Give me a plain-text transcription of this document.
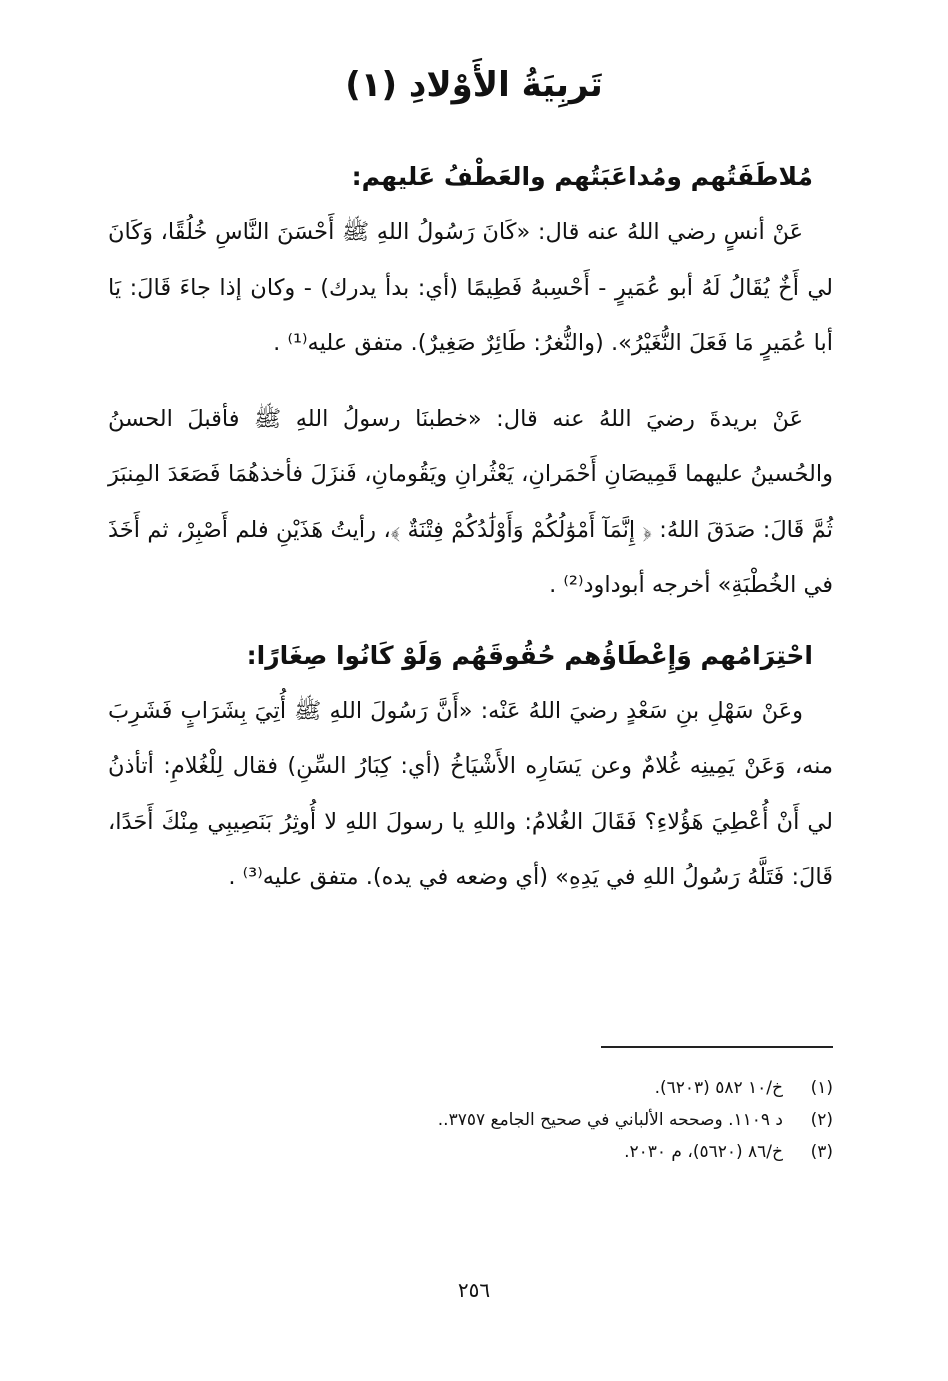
تَربِيَةُ الأَوْلادِ (١)
مُلاطَفَتُهم ومُداعَبَتُهم والعَطْفُ عَليهم:

عَنْ أنسٍ رضي اللهُ عنه قال: «كَانَ رَسُولُ اللهِ ﷺ أَحْسَنَ النَّاسِ خُلُقًا، وَكَانَ لي أَخٌ يُقَالُ لَهُ أبو عُمَيرٍ - أَحْسِبهُ فَطِيمًا (أي: بدأ يدرك) - وكان إذا جاءَ قَالَ: يَا أبا عُمَيرٍ مَا فَعَلَ النُّغَيْرُ». (والنُّغرُ: طَائِرٌ صَغِيرٌ). متفق عليه⁽¹⁾ .

عَنْ بريدةَ رضيَ اللهُ عنه قال: «خطبنَا رسولُ اللهِ ﷺ فأقبلَ الحسنُ والحُسينُ عليهما قَمِيصَانِ أَحْمَرانِ، يَعْثُرانِ ويَقُومانِ، فَنزَلَ فأخذهُمَا فَصَعَدَ المِنبَرَ ثُمَّ قَالَ: صَدَقَ اللهُ: ﴿ إِنَّمَآ أَمْوَٰلُكُمْ وَأَوْلَٰدُكُمْ فِتْنَةٌ ﴾، رأيتُ هَذَيْنِ فلم أَصْبِرْ، ثم أَخَذَ في الخُطْبَةِ» أخرجه أبوداود⁽²⁾ .

احْتِرَامُهم وَإِعْطَاؤُهم حُقُوقَهُم وَلَوْ كَانُوا صِغَارًا:

وعَنْ سَهْلِ بنِ سَعْدٍ رضيَ اللهُ عَنْه: «أَنَّ رَسُولَ اللهِ ﷺ أُتِيَ بِشَرَابٍ فَشَرِبَ منه، وَعَنْ يَمِينِه غُلامٌ وعن يَسَارِه الأَشْيَاخُ (أي: كِبَارُ السِّنِ) فقال لِلْغُلامِ: أتأذنُ لي أَنْ أُعْطِيَ هَؤُلاءِ؟ فَقَالَ الغُلامُ: واللهِ يا رسولَ اللهِ لا أُوثِرُ بَنَصِيبِي مِنْكَ أَحَدًا، قَالَ: فَتَلَّهُ رَسُولُ اللهِ في يَدِهِ» (أي وضعه في يده). متفق عليه⁽³⁾ .

(١)
خ/١٠ ٥٨٢ (٦٢٠٣).
(٢)
د ١١٠٩. وصححه الألباني في صحيح الجامع ٣٧٥٧..
(٣)
خ/٨٦ (٥٦٢٠)، م ٢٠٣٠.
٢٥٦
